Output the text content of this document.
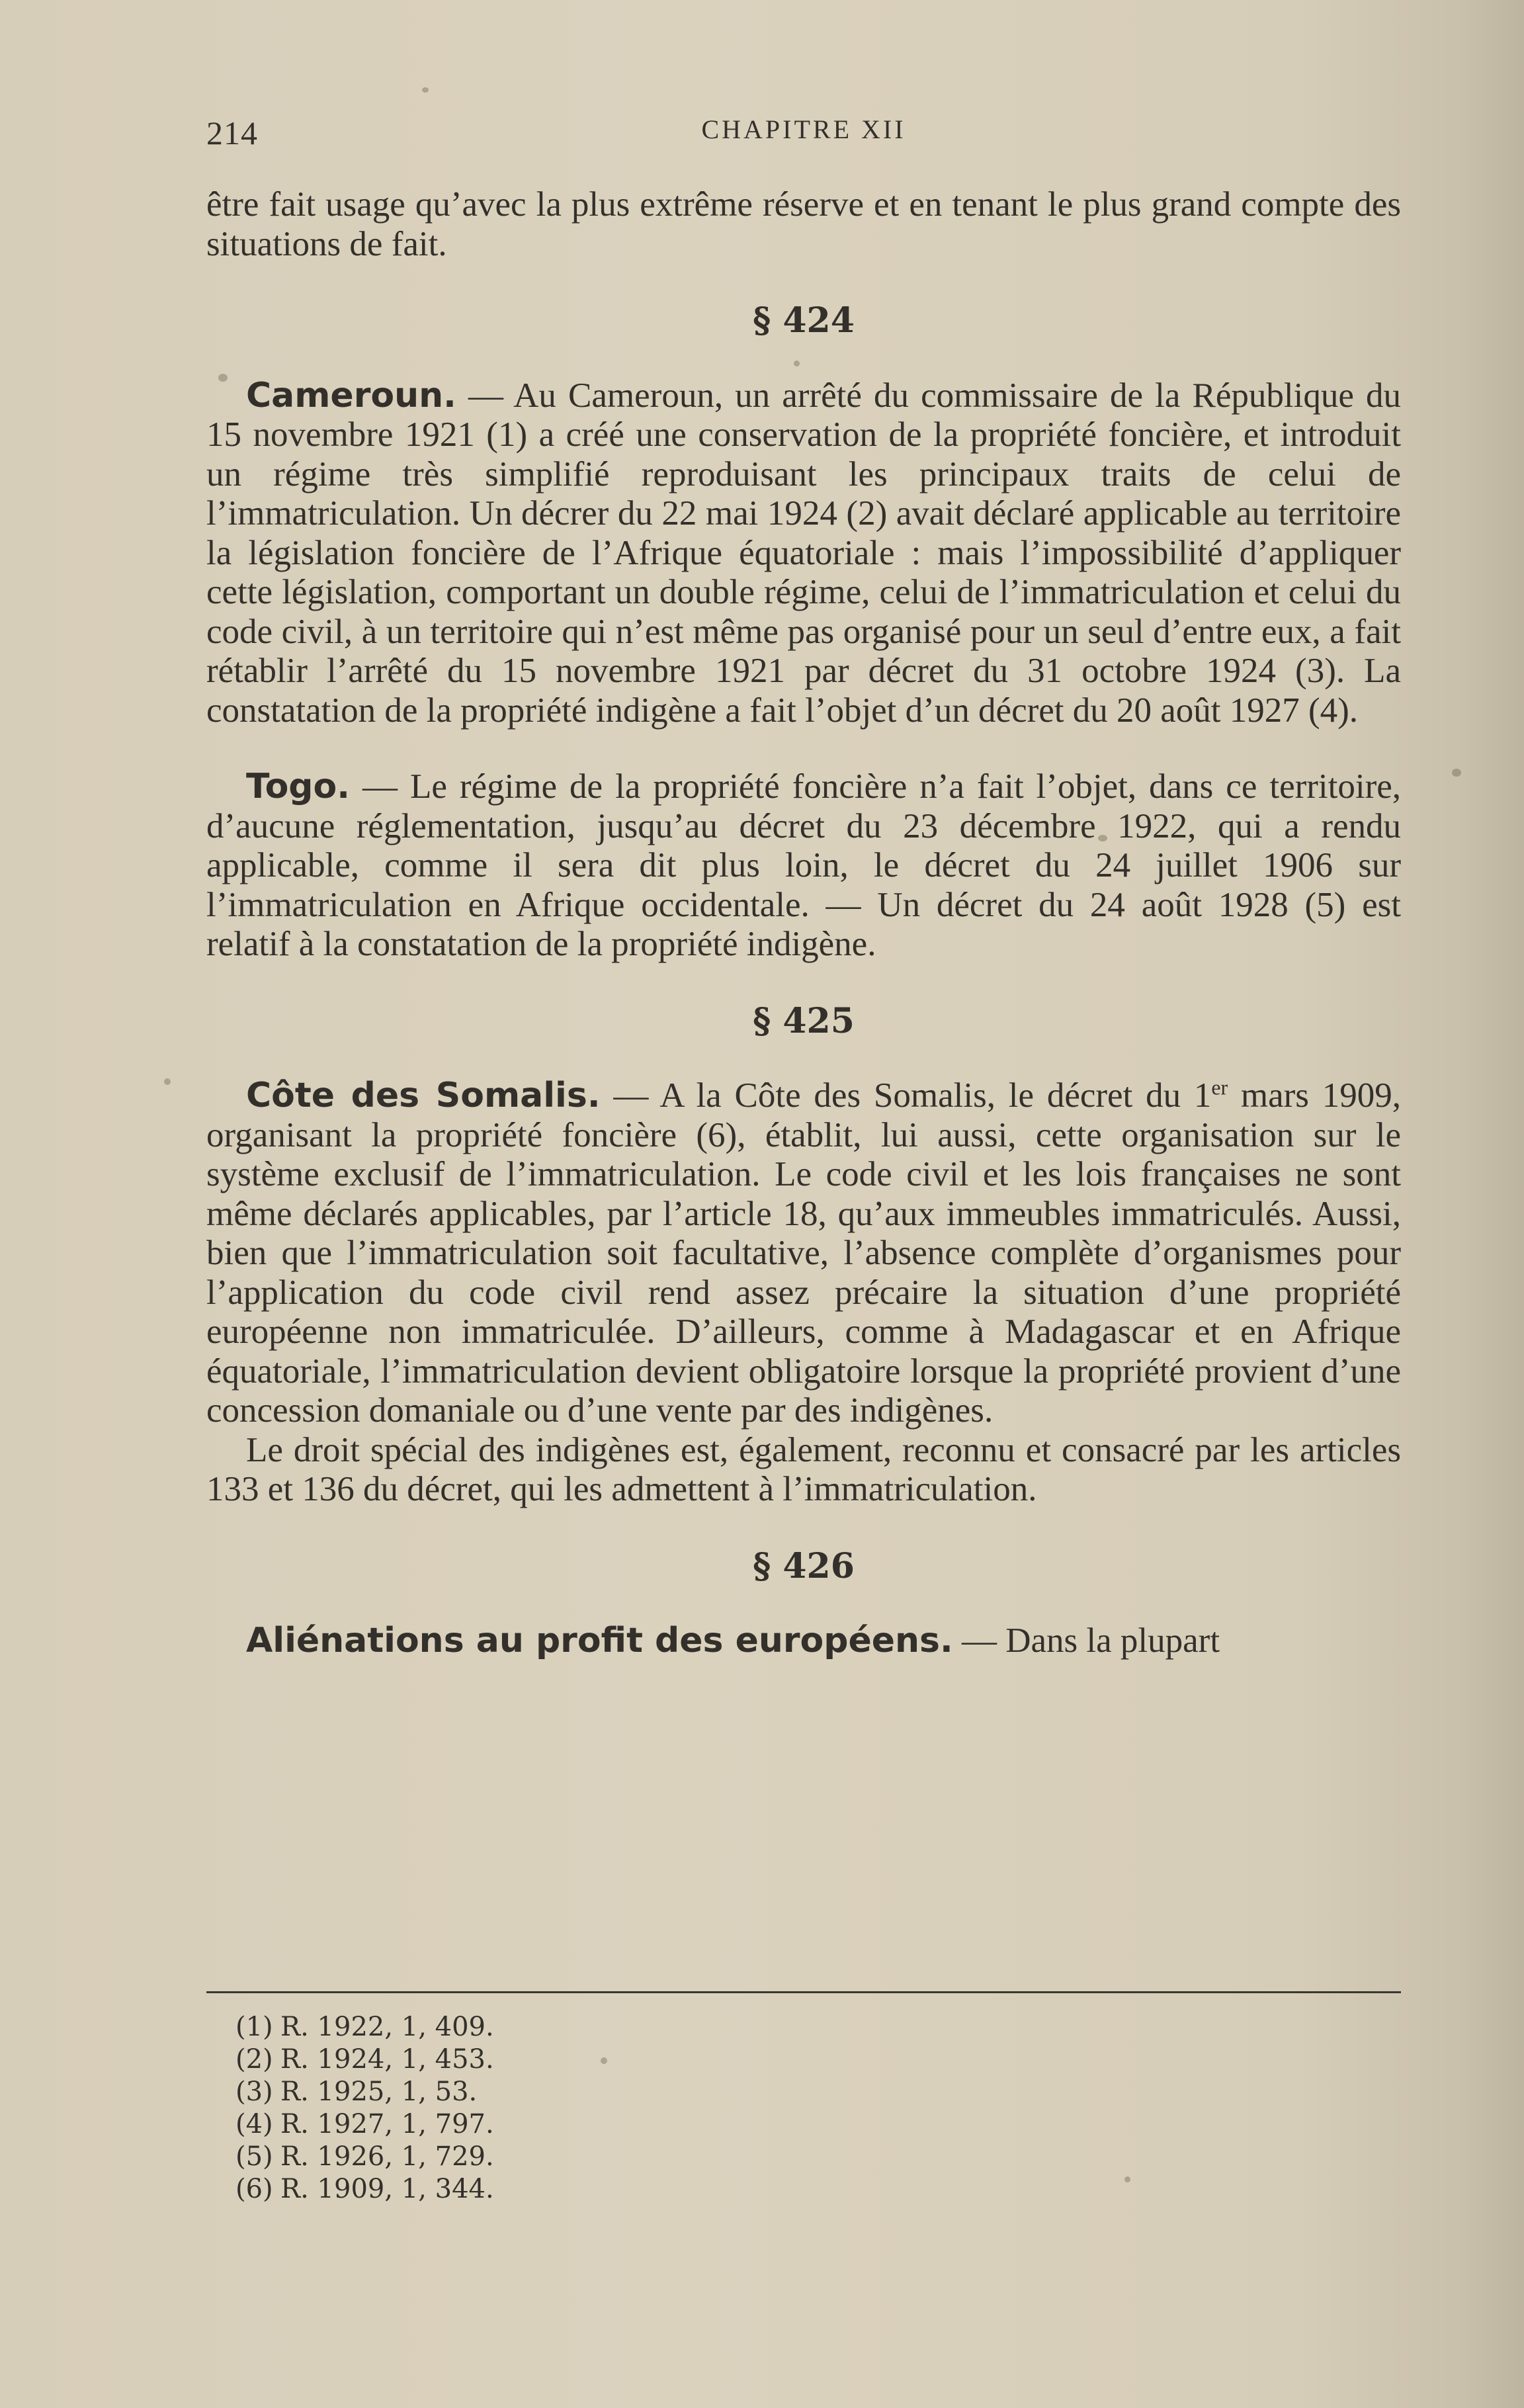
214	CHAPITRE XII

être fait usage qu’avec la plus extrême réserve et en tenant le plus grand compte des situations de fait.

§ 424

Cameroun. — Au Cameroun, un arrêté du commissaire de la République du 15 novembre 1921 (1) a créé une conservation de la propriété foncière, et introduit un régime très simplifié reproduisant les principaux traits de celui de l’immatriculation. Un décrer du 22 mai 1924 (2) avait déclaré applicable au territoire la législation foncière de l’Afrique équatoriale : mais l’impossibilité d’appliquer cette législation, comportant un double régime, celui de l’immatriculation et celui du code civil, à un territoire qui n’est même pas organisé pour un seul d’entre eux, a fait rétablir l’arrêté du 15 novembre 1921 par décret du 31 octobre 1924 (3). La constatation de la propriété indigène a fait l’objet d’un décret du 20 août 1927 (4).

Togo. — Le régime de la propriété foncière n’a fait l’objet, dans ce territoire, d’aucune réglementation, jusqu’au décret du 23 décembre 1922, qui a rendu applicable, comme il sera dit plus loin, le décret du 24 juillet 1906 sur l’immatriculation en Afrique occidentale. — Un décret du 24 août 1928 (5) est relatif à la constatation de la propriété indigène.

§ 425

Côte des Somalis. — A la Côte des Somalis, le décret du 1er mars 1909, organisant la propriété foncière (6), établit, lui aussi, cette organisation sur le système exclusif de l’immatriculation. Le code civil et les lois françaises ne sont même déclarés applicables, par l’article 18, qu’aux immeubles immatriculés. Aussi, bien que l’immatriculation soit facultative, l’absence complète d’organismes pour l’application du code civil rend assez précaire la situation d’une propriété européenne non immatriculée. D’ailleurs, comme à Madagascar et en Afrique équatoriale, l’immatriculation devient obligatoire lorsque la propriété provient d’une concession domaniale ou d’une vente par des indigènes.

Le droit spécial des indigènes est, également, reconnu et consacré par les articles 133 et 136 du décret, qui les admettent à l’immatriculation.

§ 426

Aliénations au profit des européens. — Dans la plupart

(1) R. 1922, 1, 409.
(2) R. 1924, 1, 453.
(3) R. 1925, 1, 53.
(4) R. 1927, 1, 797.
(5) R. 1926, 1, 729.
(6) R. 1909, 1, 344.
